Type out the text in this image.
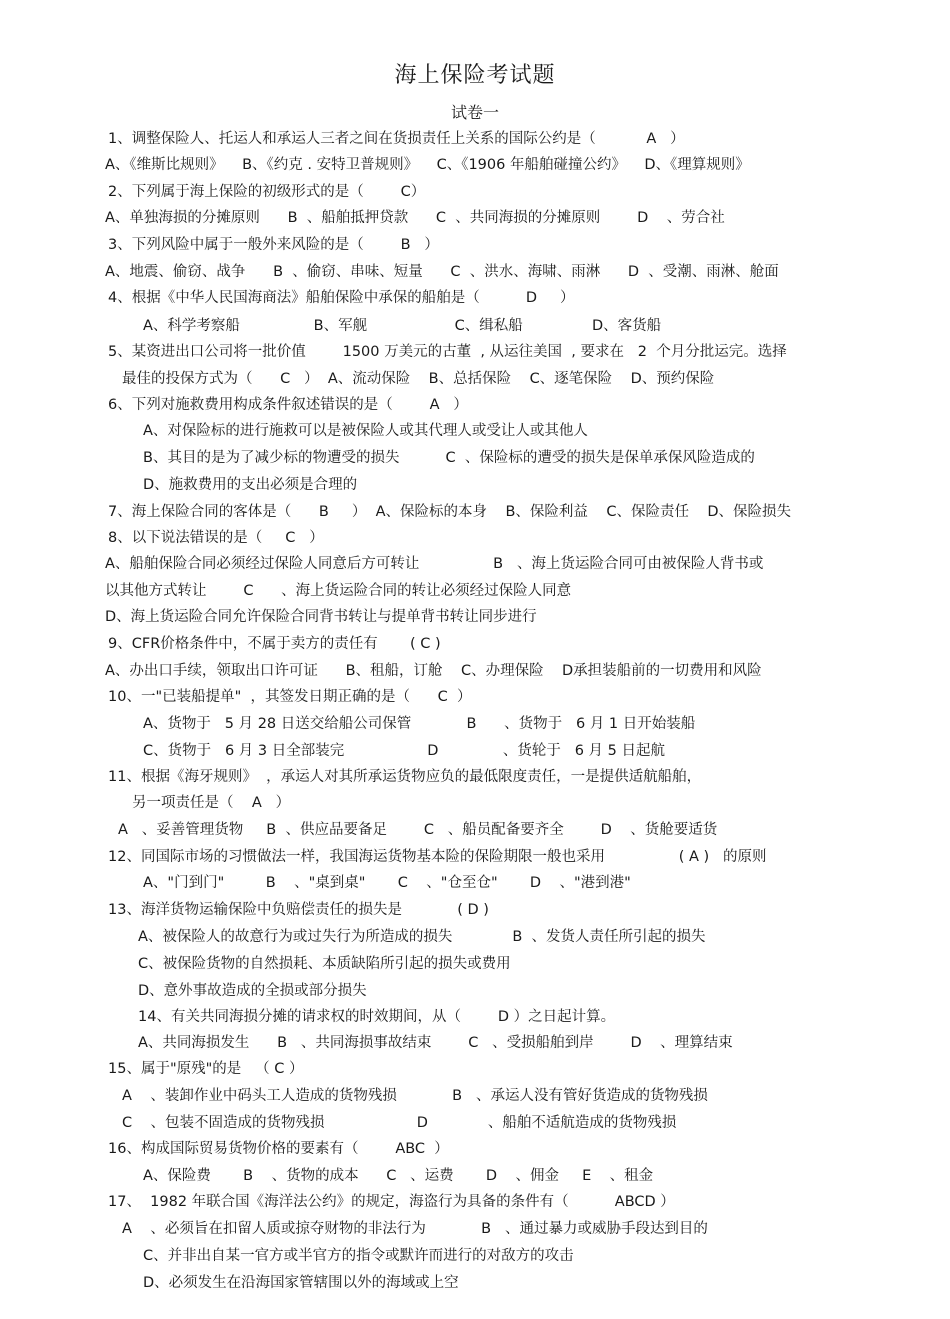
海上保险考试题
试卷一
1、调整保险人、托运人和承运人三者之间在货损责任上关系的国际公约是（           A   ）
A、《维斯比规则》    B、《约克 . 安特卫普规则》    C、《1906 年船舶碰撞公约》    D、《理算规则》
2、下列属于海上保险的初级形式的是（        C）
A、单独海损的分摊原则      B  、船舶抵押贷款      C  、共同海损的分摊原则        D    、劳合社
3、下列风险中属于一般外来风险的是（        B   ）
A、地震、偷窃、战争      B  、偷窃、串味、短量      C  、洪水、海啸、雨淋      D  、受潮、雨淋、舱面
4、根据《中华人民国海商法》船舶保险中承保的船舶是（          D     ）
A、科学考察船                B、军舰                   C、缉私船               D、客货船
5、某资进出口公司将一批价值        1500 万美元的古董  , 从运往美国  , 要求在   2  个月分批运完。选择
最佳的投保方式为（      C   ）  A、流动保险    B、总括保险    C、逐笔保险    D、预约保险
6、下列对施救费用构成条件叙述错误的是（        A   ）
A、对保险标的进行施救可以是被保险人或其代理人或受让人或其他人
B、其目的是为了减少标的物遭受的损失          C  、保险标的遭受的损失是保单承保风险造成的
D、施救费用的支出必须是合理的
7、海上保险合同的客体是（      B     ）  A、保险标的本身    B、保险利益    C、保险责任    D、保险损失
8、以下说法错误的是（     C   ）
A、船舶保险合同必须经过保险人同意后方可转让                B   、海上货运险合同可由被保险人背书或
以其他方式转让        C      、海上货运险合同的转让必须经过保险人同意
D、海上货运险合同允许保险合同背书转让与提单背书转让同步进行
9、CFR价格条件中，不属于卖方的责任有       ( C )
A、办出口手续，领取出口许可证      B、租船，订舱    C、办理保险    D承担装船前的一切费用和风险
10、一"已装船提单"  ，其签发日期正确的是（      C  ）
A、货物于   5 月 28 日送交给船公司保管            B      、货物于   6 月 1 日开始装船
C、货物于   6 月 3 日全部装完                  D              、货轮于   6 月 5 日起航
11、根据《海牙规则》  ，承运人对其所承运货物应负的最低限度责任，一是提供适航船舶，
另一项责任是（    A   ）
A   、妥善管理货物     B  、供应品要备足        C   、船员配备要齐全        D    、货舱要适货
12、同国际市场的习惯做法一样，我国海运货物基本险的保险期限一般也采用                ( A )   的原则
A、"门到门"         B    、"桌到桌"       C    、"仓至仓"       D    、"港到港"
13、海洋货物运输保险中负赔偿责任的损失是            ( D )
A、被保险人的故意行为或过失行为所造成的损失             B  、发货人责任所引起的损失
C、被保险货物的自然损耗、本质缺陷所引起的损失或费用
D、意外事故造成的全损或部分损失
14、有关共同海损分摊的请求权的时效期间，从（        D ）之日起计算。
A、共同海损发生      B   、共同海损事故结束        C   、受损船舶到岸        D    、理算结束
15、属于"原残"的是   （ C ）
A    、装卸作业中码头工人造成的货物残损            B   、承运人没有管好货造成的货物残损
C    、包装不固造成的货物残损                    D             、船舶不适航造成的货物残损
16、构成国际贸易货物价格的要素有（        ABC  ）
A、保险费       B    、货物的成本      C   、运费       D    、佣金     E    、租金
17、  1982 年联合国《海洋法公约》的规定，海盗行为具备的条件有（          ABCD ）
A    、必须旨在扣留人质或掠夺财物的非法行为            B   、通过暴力或威胁手段达到目的
C、并非出自某一官方或半官方的指令或默许而进行的对敌方的攻击
D、必须发生在沿海国家管辖围以外的海域或上空
